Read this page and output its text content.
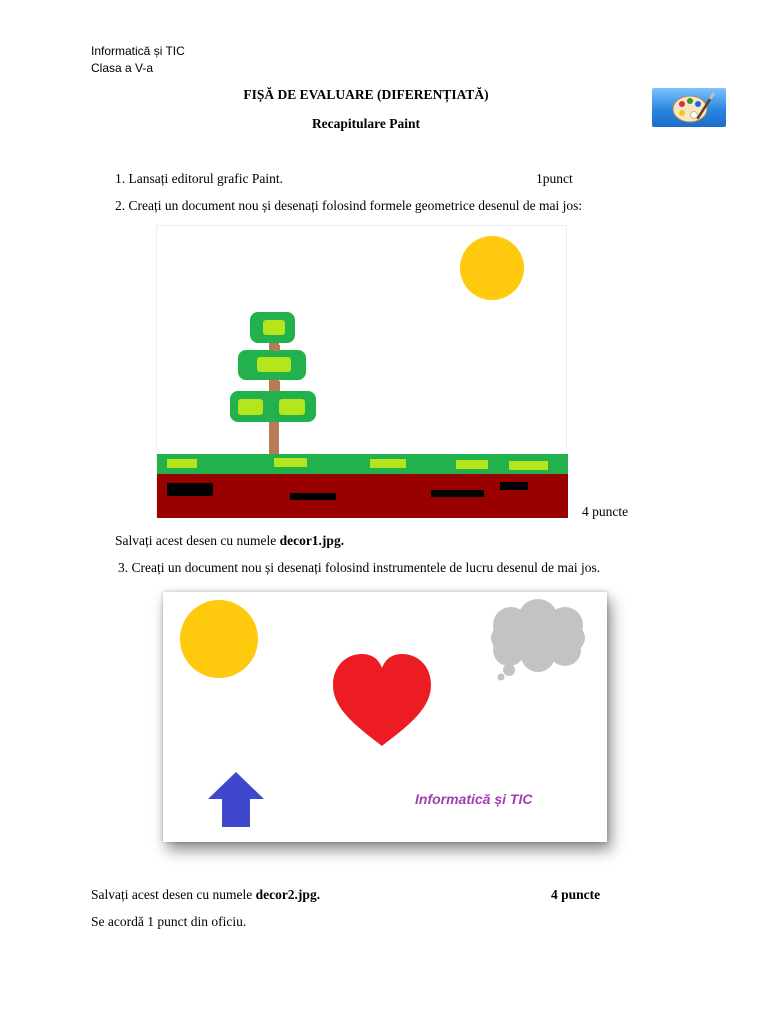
Informatică și TIC
Clasa a V-a
FIȘĂ DE EVALUARE (DIFERENȚIATĂ)
Recapitulare Paint
1. Lansați editorul grafic Paint.	1punct
2. Creați un document nou și desenați folosind formele geometrice desenul de mai jos:
4 puncte
Salvați acest desen cu numele decor1.jpg.
3. Creați un document nou și desenați folosind instrumentele de lucru desenul de mai jos.
Informatică și TIC
Salvați acest desen cu numele decor2.jpg.	4 puncte
Se acordă 1 punct din oficiu.
